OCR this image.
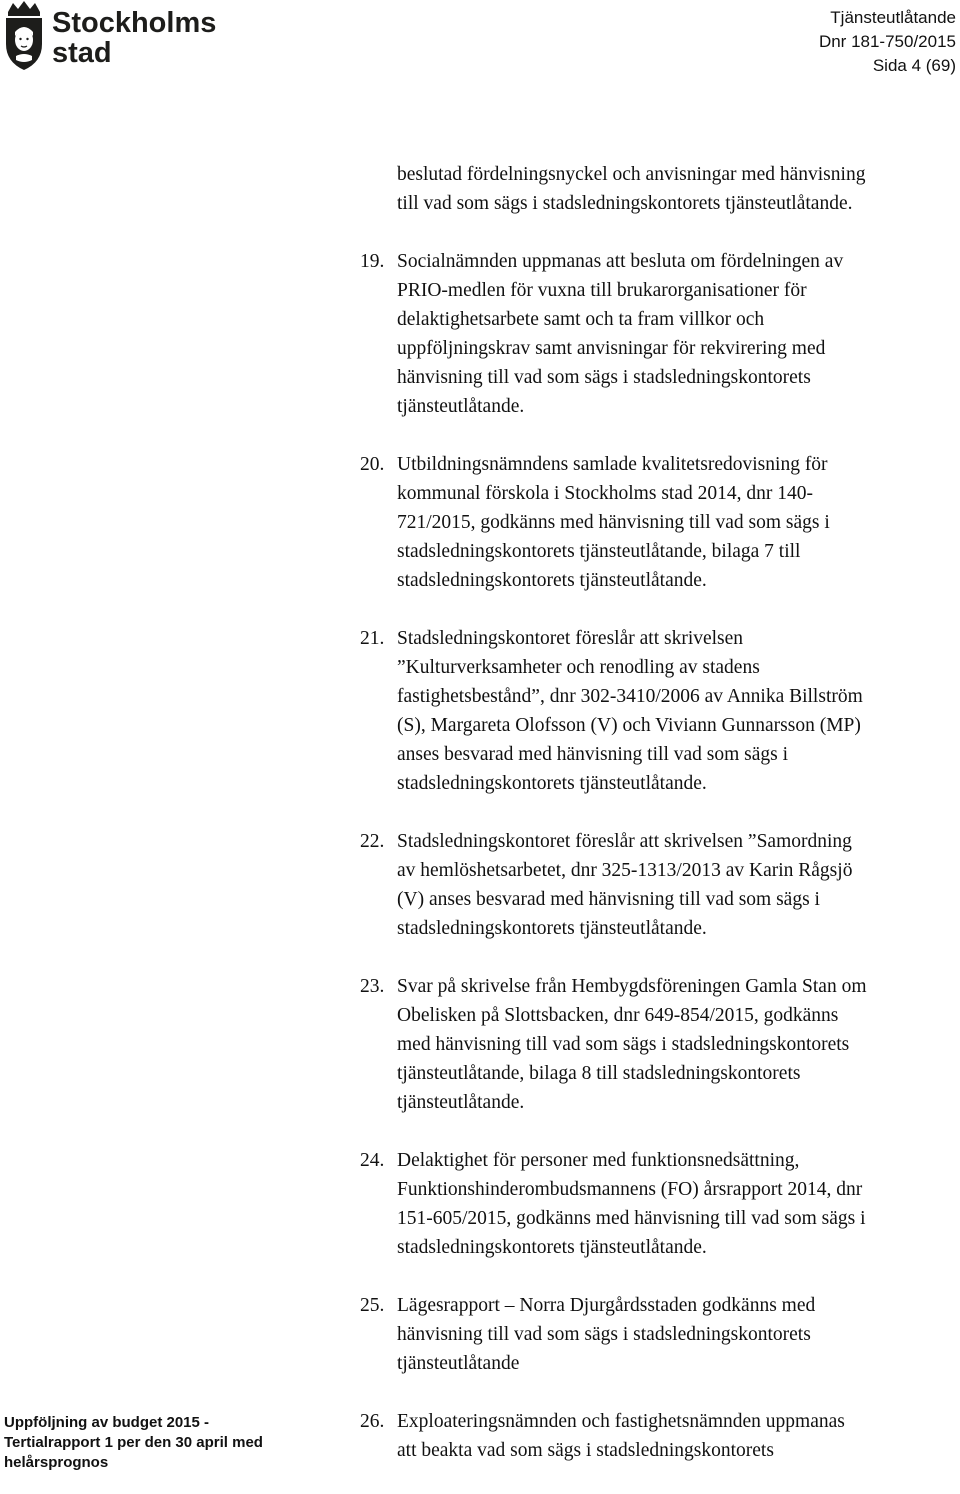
Stockholms
stad
Tjänsteutlåtande
Dnr 181-750/2015
Sida 4 (69)
beslutad fördelningsnyckel och anvisningar med hänvisning
till vad som sägs i stadsledningskontorets tjänsteutlåtande.
19. Socialnämnden uppmanas att besluta om fördelningen av
PRIO-medlen för vuxna till brukarorganisationer för
delaktighetsarbete samt och ta fram villkor och
uppföljningskrav samt anvisningar för rekvirering med
hänvisning till vad som sägs i stadsledningskontorets
tjänsteutlåtande.
20. Utbildningsnämndens samlade kvalitetsredovisning för
kommunal förskola i Stockholms stad 2014, dnr 140-
721/2015, godkänns med hänvisning till vad som sägs i
stadsledningskontorets tjänsteutlåtande, bilaga 7 till
stadsledningskontorets tjänsteutlåtande.
21. Stadsledningskontoret föreslår att skrivelsen
”Kulturverksamheter och renodling av stadens
fastighetsbestånd”, dnr 302-3410/2006 av Annika Billström
(S), Margareta Olofsson (V) och Viviann Gunnarsson (MP)
anses besvarad med hänvisning till vad som sägs i
stadsledningskontorets tjänsteutlåtande.
22. Stadsledningskontoret föreslår att skrivelsen ”Samordning
av hemlöshetsarbetet, dnr 325-1313/2013 av Karin Rågsjö
(V) anses besvarad med hänvisning till vad som sägs i
stadsledningskontorets tjänsteutlåtande.
23. Svar på skrivelse från Hembygdsföreningen Gamla Stan om
Obelisken på Slottsbacken, dnr 649-854/2015, godkänns
med hänvisning till vad som sägs i stadsledningskontorets
tjänsteutlåtande, bilaga 8 till stadsledningskontorets
tjänsteutlåtande.
24. Delaktighet för personer med funktionsnedsättning,
Funktionshinderombudsmannens (FO) årsrapport 2014, dnr
151-605/2015, godkänns med hänvisning till vad som sägs i
stadsledningskontorets tjänsteutlåtande.
25. Lägesrapport – Norra Djurgårdsstaden godkänns med
hänvisning till vad som sägs i stadsledningskontorets
tjänsteutlåtande
26. Exploateringsnämnden och fastighetsnämnden uppmanas
att beakta vad som sägs i stadsledningskontorets
Uppföljning av budget 2015 -
Tertialrapport 1 per den 30 april med
helårsprognos
